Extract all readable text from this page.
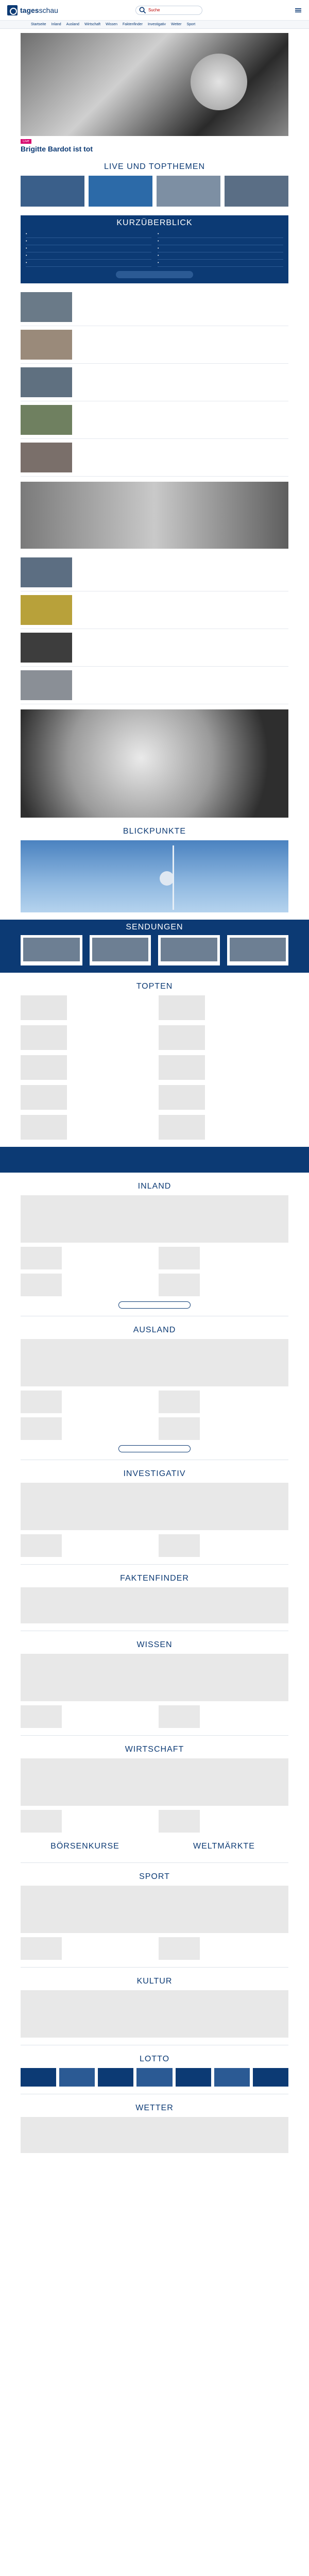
tagesschau	Suche
Startseite Inland Ausland Wirtschaft Wissen Faktenfinder Investigativ Wetter Sport
Live
Brigitte Bardot ist tot
LIVE UND TOPTHEMEN
KURZÜBERBLICK
•
•
•
•
•
•
•
•
•
•
BLICKPUNKTE
SENDUNGEN
TOPTEN
INLAND
AUSLAND
INVESTIGATIV
FAKTENFINDER
WISSEN
WIRTSCHAFT
BÖRSENKURSE	WELTMÄRKTE
SPORT
KULTUR
LOTTO
WETTER
